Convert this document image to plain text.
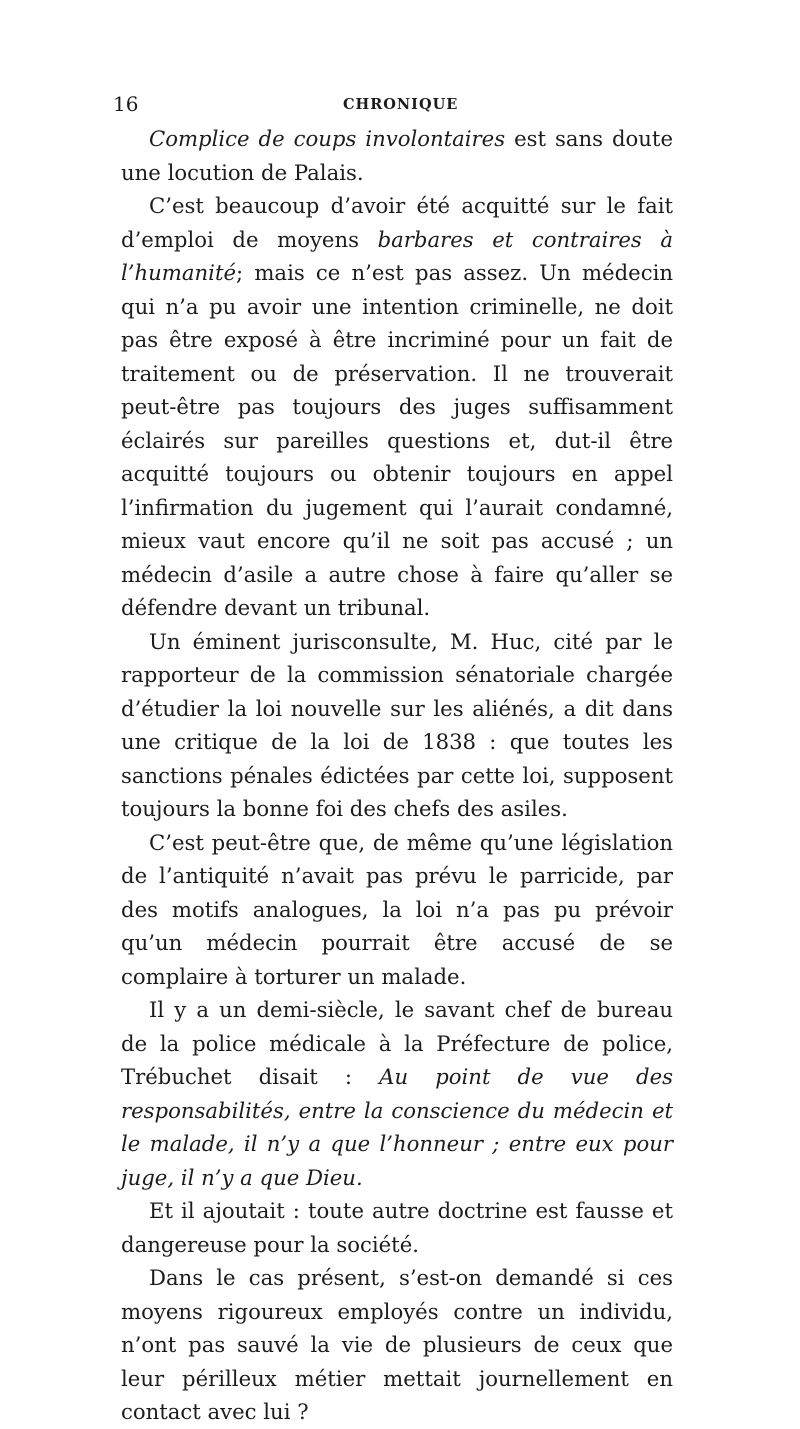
16	CHRONIQUE

Complice de coups involontaires est sans doute une locution de Palais.

C’est beaucoup d’avoir été acquitté sur le fait d’emploi de moyens barbares et contraires à l’humanité; mais ce n’est pas assez. Un médecin qui n’a pu avoir une intention criminelle, ne doit pas être exposé à être incriminé pour un fait de traitement ou de préservation. Il ne trouverait peut-être pas toujours des juges suffisamment éclairés sur pareilles questions et, dut-il être acquitté toujours ou obtenir toujours en appel l’infirmation du jugement qui l’aurait condamné, mieux vaut encore qu’il ne soit pas accusé ; un médecin d’asile a autre chose à faire qu’aller se défendre devant un tribunal.

Un éminent jurisconsulte, M. Huc, cité par le rapporteur de la commission sénatoriale chargée d’étudier la loi nouvelle sur les aliénés, a dit dans une critique de la loi de 1838 : que toutes les sanctions pénales édictées par cette loi, supposent toujours la bonne foi des chefs des asiles.

C’est peut-être que, de même qu’une législation de l’antiquité n’avait pas prévu le parricide, par des motifs analogues, la loi n’a pas pu prévoir qu’un médecin pourrait être accusé de se complaire à torturer un malade.

Il y a un demi-siècle, le savant chef de bureau de la police médicale à la Préfecture de police, Trébuchet disait : Au point de vue des responsabilités, entre la conscience du médecin et le malade, il n’y a que l’honneur ; entre eux pour juge, il n’y a que Dieu.

Et il ajoutait : toute autre doctrine est fausse et dangereuse pour la société.

Dans le cas présent, s’est-on demandé si ces moyens rigoureux employés contre un individu, n’ont pas sauvé la vie de plusieurs de ceux que leur périlleux métier mettait journellement en contact avec lui ?
